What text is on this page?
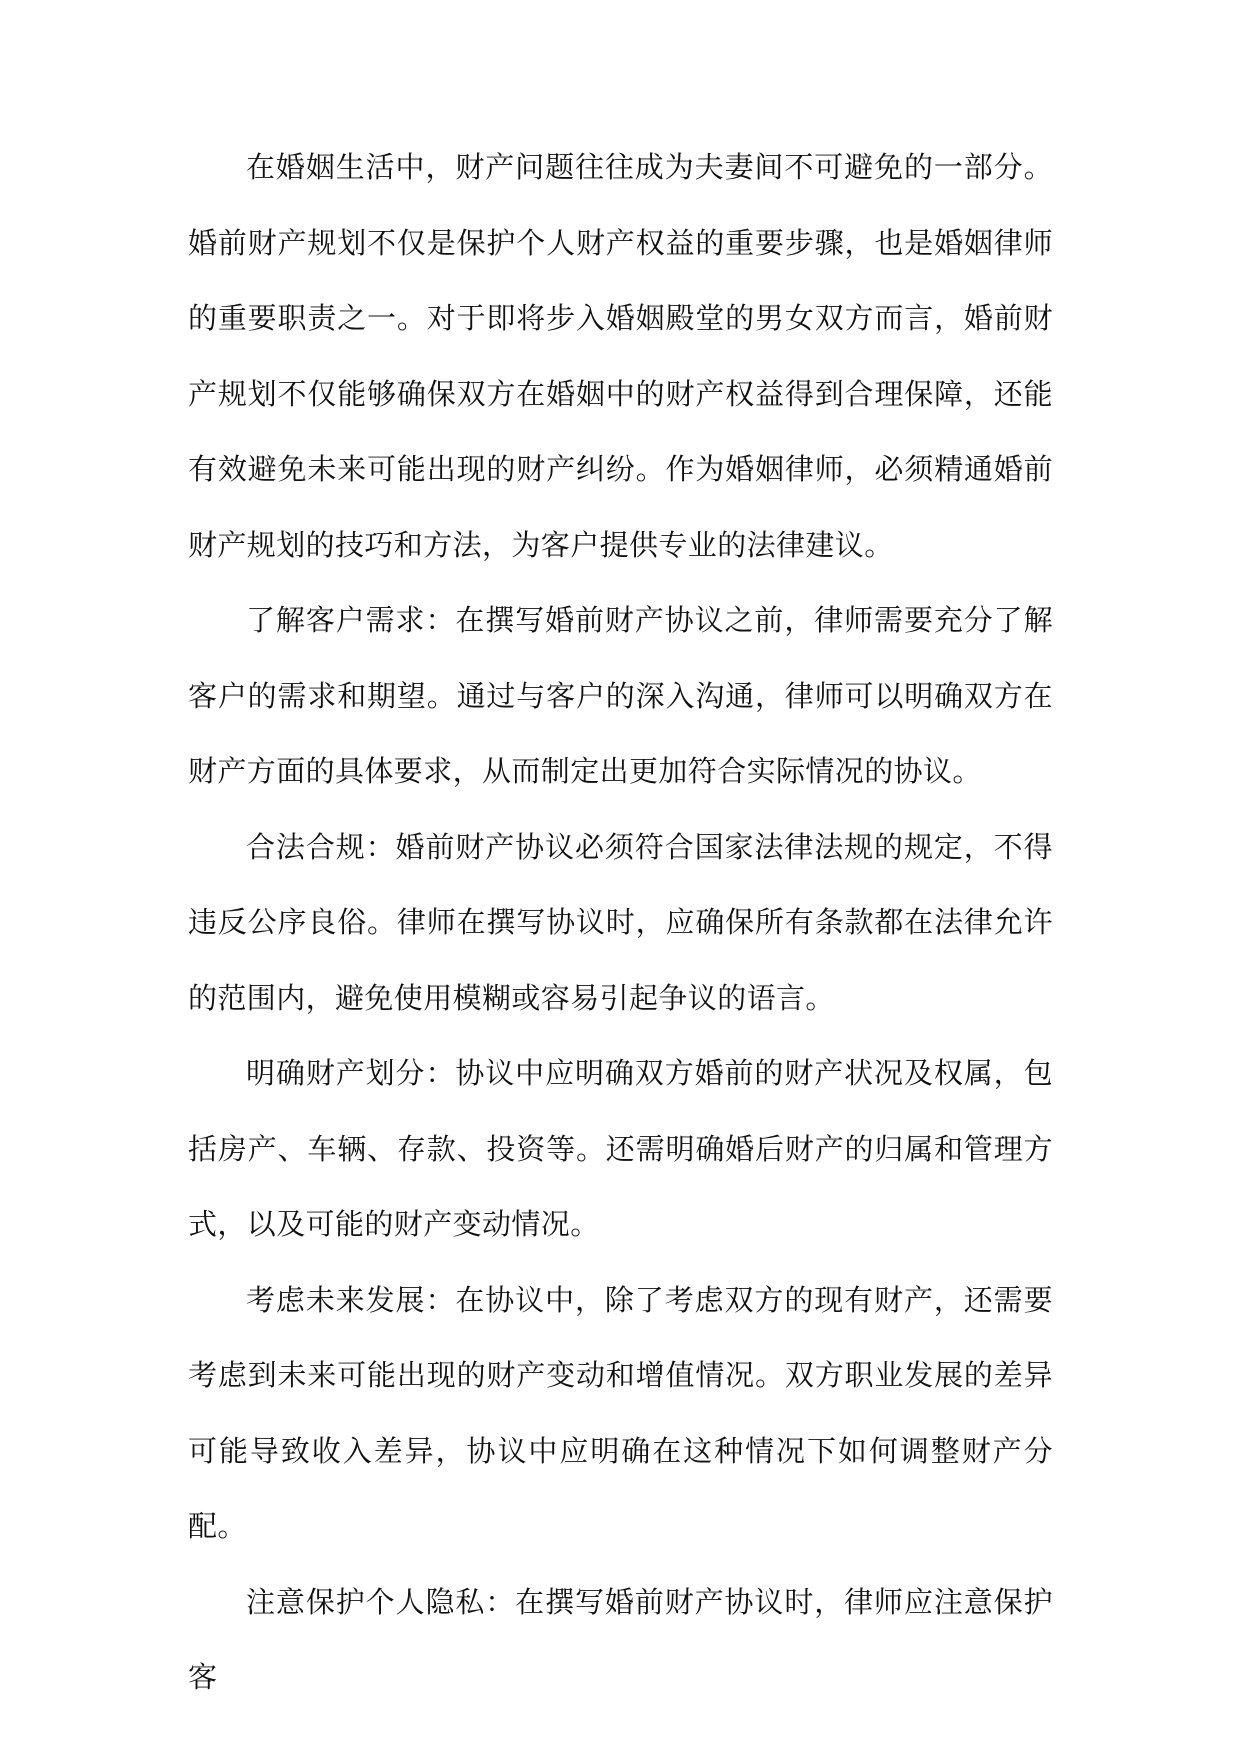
在婚姻生活中，财产问题往往成为夫妻间不可避免的一部分。婚前财产规划不仅是保护个人财产权益的重要步骤，也是婚姻律师的重要职责之一。对于即将步入婚姻殿堂的男女双方而言，婚前财产规划不仅能够确保双方在婚姻中的财产权益得到合理保障，还能有效避免未来可能出现的财产纠纷。作为婚姻律师，必须精通婚前财产规划的技巧和方法，为客户提供专业的法律建议。

了解客户需求：在撰写婚前财产协议之前，律师需要充分了解客户的需求和期望。通过与客户的深入沟通，律师可以明确双方在财产方面的具体要求，从而制定出更加符合实际情况的协议。

合法合规：婚前财产协议必须符合国家法律法规的规定，不得违反公序良俗。律师在撰写协议时，应确保所有条款都在法律允许的范围内，避免使用模糊或容易引起争议的语言。

明确财产划分：协议中应明确双方婚前的财产状况及权属，包括房产、车辆、存款、投资等。还需明确婚后财产的归属和管理方式，以及可能的财产变动情况。

考虑未来发展：在协议中，除了考虑双方的现有财产，还需要考虑到未来可能出现的财产变动和增值情况。双方职业发展的差异可能导致收入差异，协议中应明确在这种情况下如何调整财产分配。

注意保护个人隐私：在撰写婚前财产协议时，律师应注意保护客
